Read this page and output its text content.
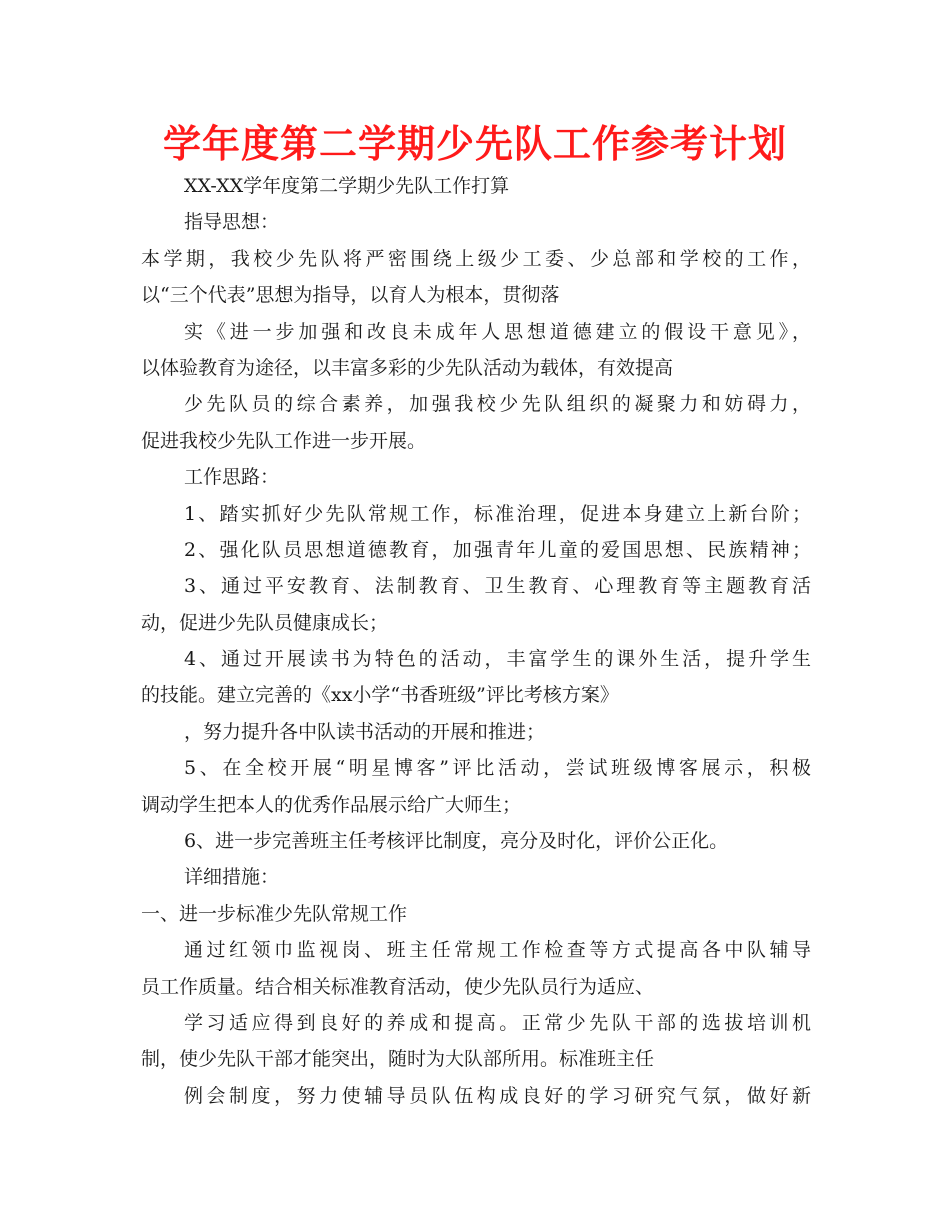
学年度第二学期少先队工作参考计划
XX-XX学年度第二学期少先队工作打算
指导思想：
本学期，我校少先队将严密围绕上级少工委、少总部和学校的工作，
以“三个代表”思想为指导，以育人为根本，贯彻落
实《进一步加强和改良未成年人思想道德建立的假设干意见》，
以体验教育为途径，以丰富多彩的少先队活动为载体，有效提高
少先队员的综合素养，加强我校少先队组织的凝聚力和妨碍力，
促进我校少先队工作进一步开展。
工作思路：
1、踏实抓好少先队常规工作，标准治理，促进本身建立上新台阶；
2、强化队员思想道德教育，加强青年儿童的爱国思想、民族精神；
3、通过平安教育、法制教育、卫生教育、心理教育等主题教育活
动，促进少先队员健康成长；
4、通过开展读书为特色的活动，丰富学生的课外生活，提升学生
的技能。建立完善的《xx小学“书香班级”评比考核方案》
，努力提升各中队读书活动的开展和推进；
5、在全校开展“明星博客”评比活动，尝试班级博客展示，积极
调动学生把本人的优秀作品展示给广大师生；
6、进一步完善班主任考核评比制度，亮分及时化，评价公正化。
详细措施：
一、进一步标准少先队常规工作
通过红领巾监视岗、班主任常规工作检查等方式提高各中队辅导
员工作质量。结合相关标准教育活动，使少先队员行为适应、
学习适应得到良好的养成和提高。正常少先队干部的选拔培训机
制，使少先队干部才能突出，随时为大队部所用。标准班主任
例会制度，努力使辅导员队伍构成良好的学习研究气氛，做好新
